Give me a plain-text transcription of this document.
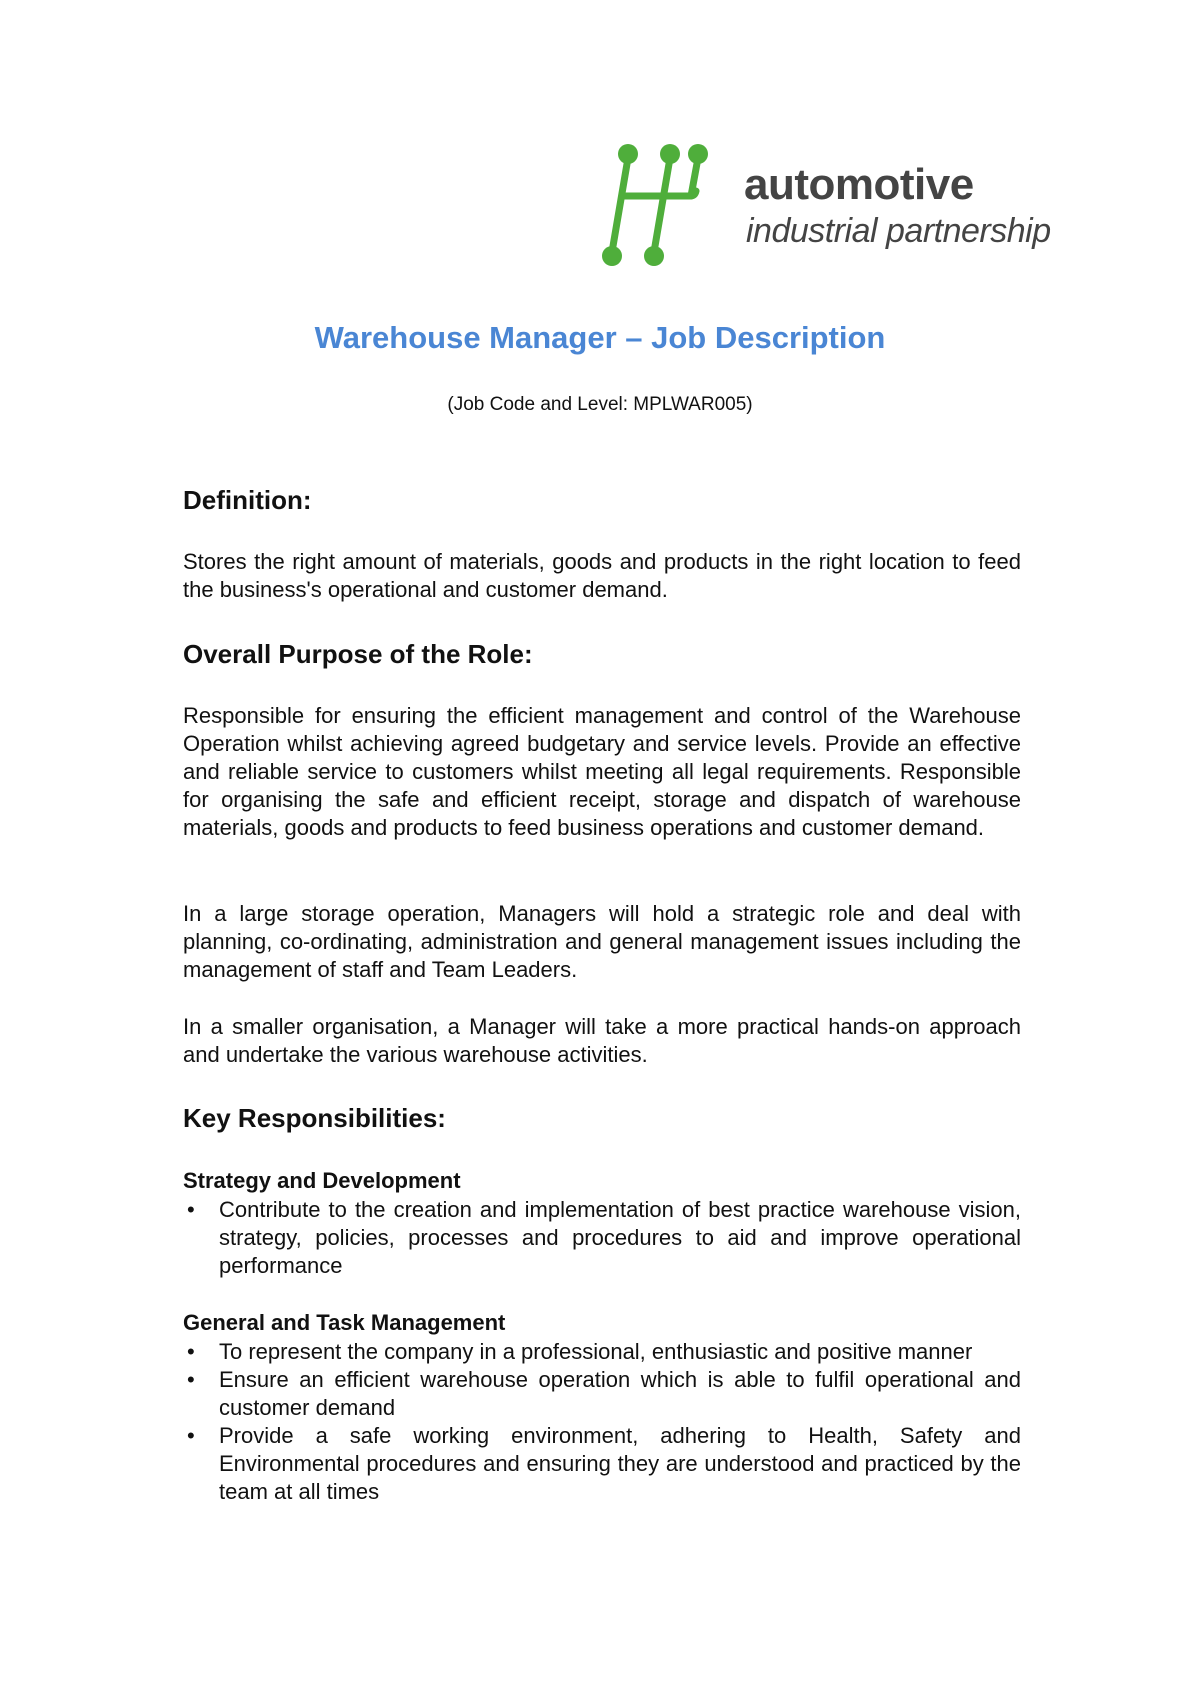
automotive
industrial partnership
Warehouse Manager – Job Description
(Job Code and Level: MPLWAR005)
Definition:
Stores the right amount of materials, goods and products in the right location to feed the business's operational and customer demand.
Overall Purpose of the Role:
Responsible for ensuring the efficient management and control of the Warehouse Operation whilst achieving agreed budgetary and service levels. Provide an effective and reliable service to customers whilst meeting all legal requirements. Responsible for organising the safe and efficient receipt, storage and dispatch of warehouse materials, goods and products to feed business operations and customer demand.
In a large storage operation, Managers will hold a strategic role and deal with planning, co-ordinating, administration and general management issues including the management of staff and Team Leaders.
In a smaller organisation, a Manager will take a more practical hands-on approach and undertake the various warehouse activities.
Key Responsibilities:
Strategy and Development
•	Contribute to the creation and implementation of best practice warehouse vision, strategy, policies, processes and procedures to aid and improve operational performance
General and Task Management
•	To represent the company in a professional, enthusiastic and positive manner
•	Ensure an efficient warehouse operation which is able to fulfil operational and customer demand
•	Provide a safe working environment, adhering to Health, Safety and Environmental procedures and ensuring they are understood and practiced by the team at all times
